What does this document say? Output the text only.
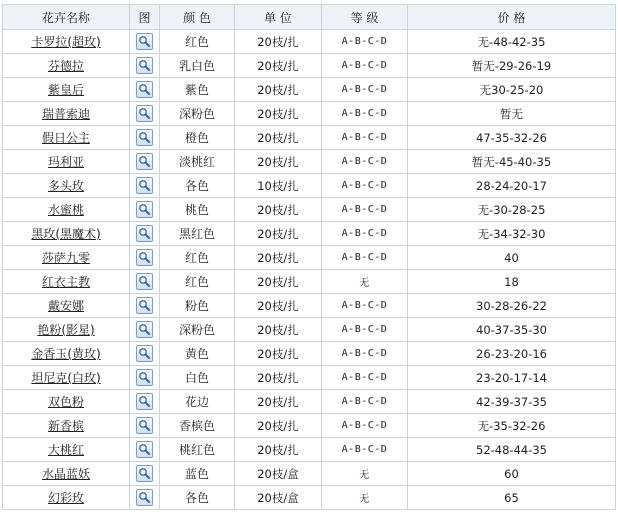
花卉名称	图	颜 色	单 位	等 级	价 格
卡罗拉(超玫)		红色	20枝/扎	A-B-C-D	无-48-42-35
芬德拉		乳白色	20枝/扎	A-B-C-D	暂无-29-26-19
紫皇后		紫色	20枝/扎	A-B-C-D	无30-25-20
瑞普索迪		深粉色	20枝/扎	A-B-C-D	暂无
假日公主		橙色	20枝/扎	A-B-C-D	47-35-32-26
玛利亚		淡桃红	20枝/扎	A-B-C-D	暂无-45-40-35
多头玫		各色	10枝/扎	A-B-C-D	28-24-20-17
水蜜桃		桃色	20枝/扎	A-B-C-D	无-30-28-25
黑玫(黑魔术)		黑红色	20枝/扎	A-B-C-D	无-34-32-30
莎萨九零		红色	20枝/扎	A-B-C-D	40
红衣主教		红色	20枝/扎	无	18
戴安娜		粉色	20枝/扎	A-B-C-D	30-28-26-22
艳粉(影星)		深粉色	20枝/扎	A-B-C-D	40-37-35-30
金香玉(黄玫)		黄色	20枝/扎	A-B-C-D	26-23-20-16
坦尼克(白玫)		白色	20枝/扎	A-B-C-D	23-20-17-14
双色粉		花边	20枝/扎	A-B-C-D	42-39-37-35
新香槟		香槟色	20枝/扎	A-B-C-D	无-35-32-26
大桃红		桃红色	20枝/扎	A-B-C-D	52-48-44-35
水晶蓝妖		蓝色	20枝/盒	无	60
幻彩玫		各色	20枝/盒	无	65
